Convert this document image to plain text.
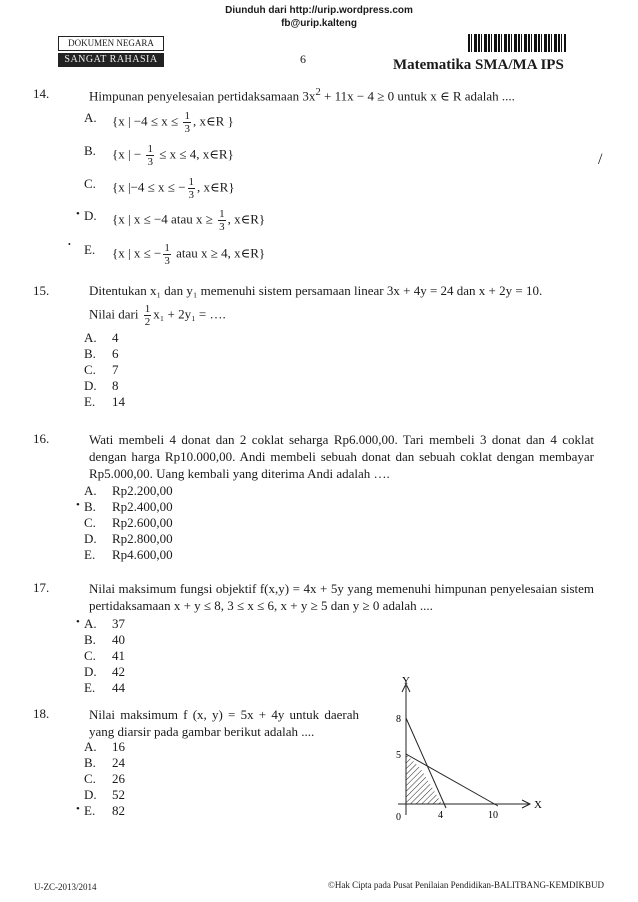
Diunduh dari http://urip.wordpress.com
fb@urip.kalteng
DOKUMEN NEGARA
SANGAT RAHASIA	6	Matematika SMA/MA IPS
14.	Himpunan penyelesaian pertidaksamaan $3x^2 + 11x - 4 \ge 0$ untuk x ∈ R adalah ....
A.	{x | $-4 \le x \le \frac{1}{3}$ , x∈R }
B.	{x | − $\frac{1}{3} \le x \le 4$, x∈R}
C.	{x |−4 ≤ x ≤ − $\frac{1}{3}$ , x∈R}
• D.	{x | x ≤ −4 atau $x \ge \frac{1}{3}$ , x∈R}
E.	{x | x ≤ − $\frac{1}{3}$ atau x ≥ 4, x∈R}
/
•
15.	Ditentukan x₁ dan y₁ memenuhi sistem persamaan linear 3x + 4y = 24 dan x + 2y = 10.
Nilai dari $\frac{1}{2} x_1 + 2y_1$ = ….
A.	4
B.	6
C.	7
D.	8
E.	14
16.	Wati membeli 4 donat dan 2 coklat seharga Rp6.000,00. Tari membeli 3 donat dan 4 coklat dengan harga Rp10.000,00. Andi membeli sebuah donat dan sebuah coklat dengan membayar Rp5.000,00. Uang kembali yang diterima Andi adalah ….
A.	Rp2.200,00
• B.	Rp2.400,00
C.	Rp2.600,00
D.	Rp2.800,00
E.	Rp4.600,00
17.	Nilai maksimum fungsi objektif f(x,y) = 4x + 5y yang memenuhi himpunan penyelesaian sistem pertidaksamaan x + y ≤ 8, 3 ≤ x ≤ 6, x + y ≥ 5 dan y ≥ 0 adalah ....
• A.	37
B.	40
C.	41
D.	42
E.	44
18.	Nilai maksimum f (x, y) = 5x + 4y untuk daerah yang diarsir pada gambar berikut adalah ....
A.	16
B.	24
C.	26
D.	52
• E.	82
Y
X
0
8
5
4	10
U-ZC-2013/2014	©Hak Cipta pada Pusat Penilaian Pendidikan-BALITBANG-KEMDIKBUD
